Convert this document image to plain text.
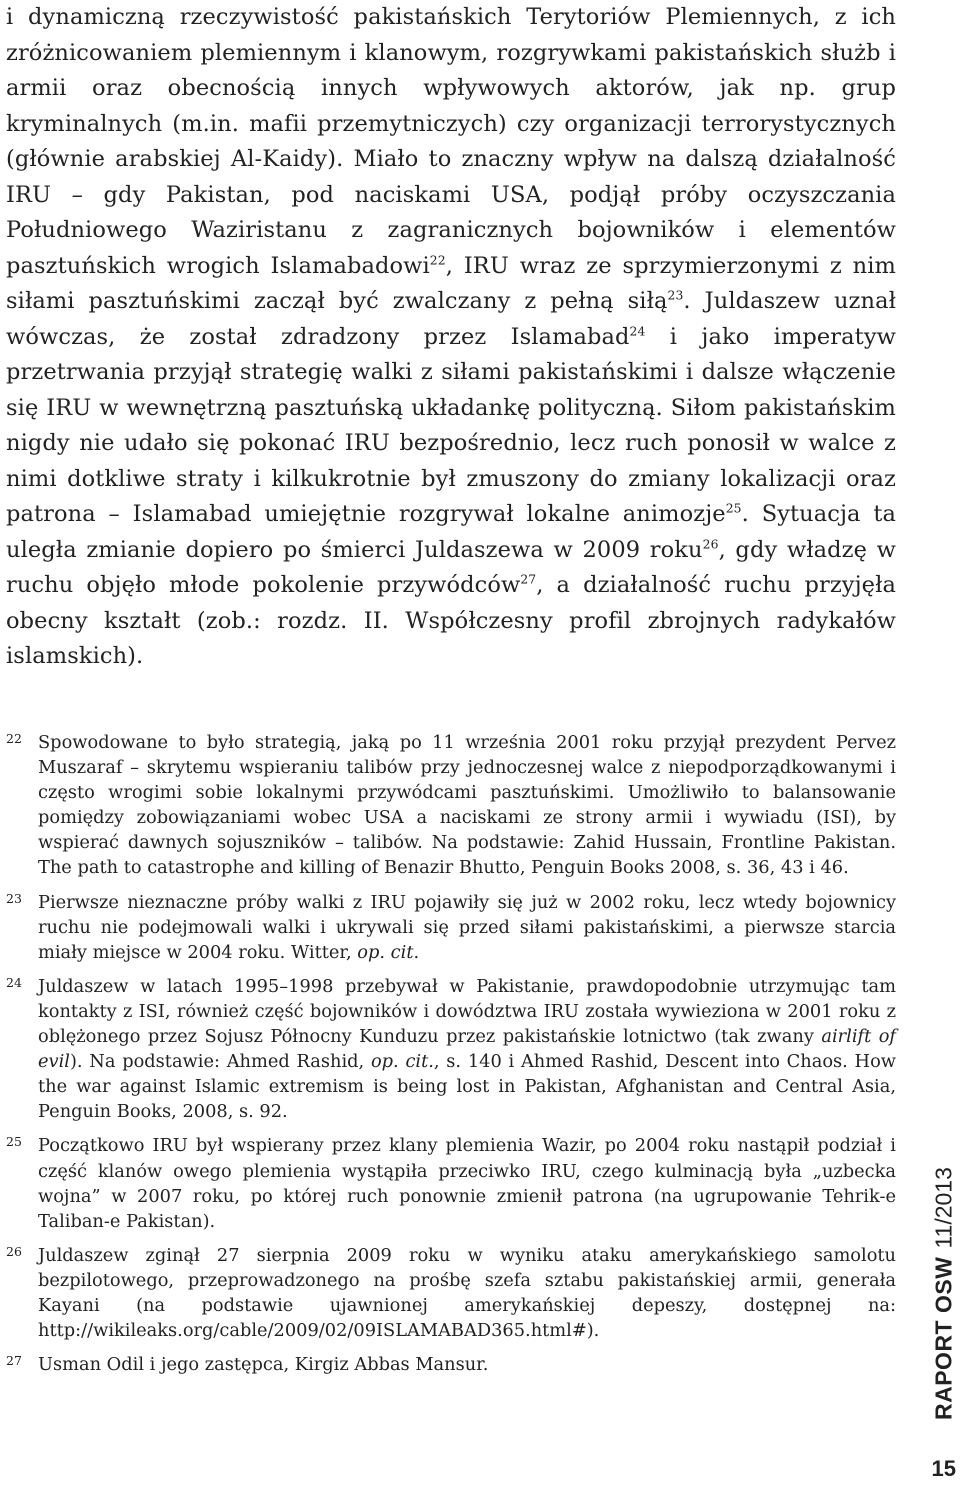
i dynamiczną rzeczywistość pakistańskich Terytoriów Plemiennych, z ich zróżnicowaniem plemiennym i klanowym, rozgrywkami pakistańskich służb i armii oraz obecnością innych wpływowych aktorów, jak np. grup kryminalnych (m.in. mafii przemytniczych) czy organizacji terrorystycznych (głównie arabskiej Al-Kaidy). Miało to znaczny wpływ na dalszą działalność IRU – gdy Pakistan, pod naciskami USA, podjął próby oczyszczania Południowego Waziristanu z zagranicznych bojowników i elementów pasztuńskich wrogich Islamabadowi$^{22}$, IRU wraz ze sprzymierzonymi z nim siłami pasztuńskimi zaczął być zwalczany z pełną siłą$^{23}$. Juldaszew uznał wówczas, że został zdradzony przez Islamabad$^{24}$ i jako imperatyw przetrwania przyjął strategię walki z siłami pakistańskimi i dalsze włączenie się IRU w wewnętrzną pasztuńską układankę polityczną. Siłom pakistańskim nigdy nie udało się pokonać IRU bezpośrednio, lecz ruch ponosił w walce z nimi dotkliwe straty i kilkukrotnie był zmuszony do zmiany lokalizacji oraz patrona – Islamabad umiejętnie rozgrywał lokalne animozje$^{25}$. Sytuacja ta uległa zmianie dopiero po śmierci Juldaszewa w 2009 roku$^{26}$, gdy władzę w ruchu objęło młode pokolenie przywódców$^{27}$, a działalność ruchu przyjęła obecny kształt (zob.: rozdz. II. Współczesny profil zbrojnych radykałów islamskich).

22 Spowodowane to było strategią, jaką po 11 września 2001 roku przyjął prezydent Pervez Muszaraf – skrytemu wspieraniu talibów przy jednoczesnej walce z niepodporządkowanymi i często wrogimi sobie lokalnymi przywódcami pasztuńskimi. Umożliwiło to balansowanie pomiędzy zobowiązaniami wobec USA a naciskami ze strony armii i wywiadu (ISI), by wspierać dawnych sojuszników – talibów. Na podstawie: Zahid Hussain, Frontline Pakistan. The path to catastrophe and killing of Benazir Bhutto, Penguin Books 2008, s. 36, 43 i 46.
23 Pierwsze nieznaczne próby walki z IRU pojawiły się już w 2002 roku, lecz wtedy bojownicy ruchu nie podejmowali walki i ukrywali się przed siłami pakistańskimi, a pierwsze starcia miały miejsce w 2004 roku. Witter, op. cit.
24 Juldaszew w latach 1995–1998 przebywał w Pakistanie, prawdopodobnie utrzymując tam kontakty z ISI, również część bojowników i dowództwa IRU została wywieziona w 2001 roku z oblężonego przez Sojusz Północny Kunduzu przez pakistańskie lotnictwo (tak zwany airlift of evil). Na podstawie: Ahmed Rashid, op. cit., s. 140 i Ahmed Rashid, Descent into Chaos. How the war against Islamic extremism is being lost in Pakistan, Afghanistan and Central Asia, Penguin Books, 2008, s. 92.
25 Początkowo IRU był wspierany przez klany plemienia Wazir, po 2004 roku nastąpił podział i część klanów owego plemienia wystąpiła przeciwko IRU, czego kulminacją była „uzbecka wojna” w 2007 roku, po której ruch ponownie zmienił patrona (na ugrupowanie Tehrik-e Taliban-e Pakistan).
26 Juldaszew zginął 27 sierpnia 2009 roku w wyniku ataku amerykańskiego samolotu bezpilotowego, przeprowadzonego na prośbę szefa sztabu pakistańskiej armii, generała Kayani (na podstawie ujawnionej amerykańskiej depeszy, dostępnej na: http://wikileaks.org/cable/2009/02/09ISLAMABAD365.html#).
27 Usman Odil i jego zastępca, Kirgiz Abbas Mansur.	RAPORT OSW11/2013
15
